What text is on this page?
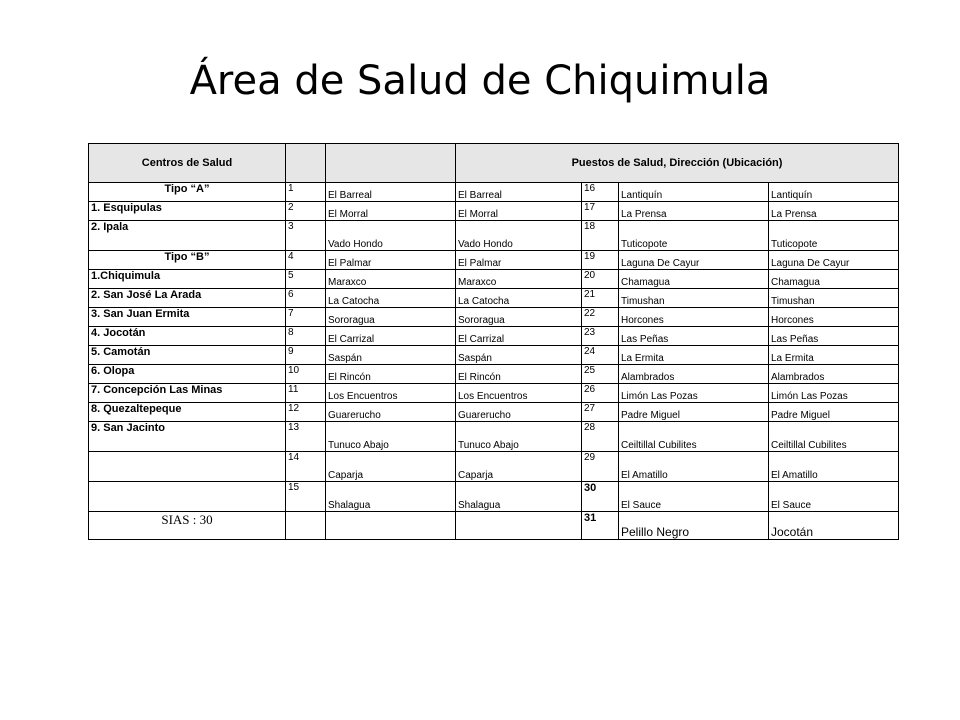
Área de Salud de Chiquimula
Centros de Salud			Puestos de Salud, Dirección (Ubicación)			
Tipo “A”	1	El Barreal	El Barreal	16	Lantiquín	Lantiquín
1. Esquipulas	2	El Morral	El Morral	17	La Prensa	La Prensa
2. Ipala	3	Vado Hondo	Vado Hondo	18	Tuticopote	Tuticopote
Tipo “B”	4	El Palmar	El Palmar	19	Laguna De Cayur	Laguna De Cayur
1.Chiquimula	5	Maraxco	Maraxco	20	Chamagua	Chamagua
2. San José La Arada	6	La Catocha	La Catocha	21	Timushan	Timushan
3. San Juan Ermita	7	Sororagua	Sororagua	22	Horcones	Horcones
4. Jocotán	8	El Carrizal	El Carrizal	23	Las Peñas	Las Peñas
5. Camotán	9	Saspán	Saspán	24	La Ermita	La Ermita
6. Olopa	10	El Rincón	El Rincón	25	Alambrados	Alambrados
7. Concepción Las Minas	11	Los Encuentros	Los Encuentros	26	Limón Las Pozas	Limón Las Pozas
8. Quezaltepeque	12	Guarerucho	Guarerucho	27	Padre Miguel	Padre Miguel
9. San Jacinto	13	Tunuco Abajo	Tunuco Abajo	28	Ceiltillal Cubilites	Ceiltillal Cubilites
	14	Caparja	Caparja	29	El Amatillo	El Amatillo
	15	Shalagua	Shalagua	30	El Sauce	El Sauce
SIAS : 30				31	Pelillo Negro	Jocotán
